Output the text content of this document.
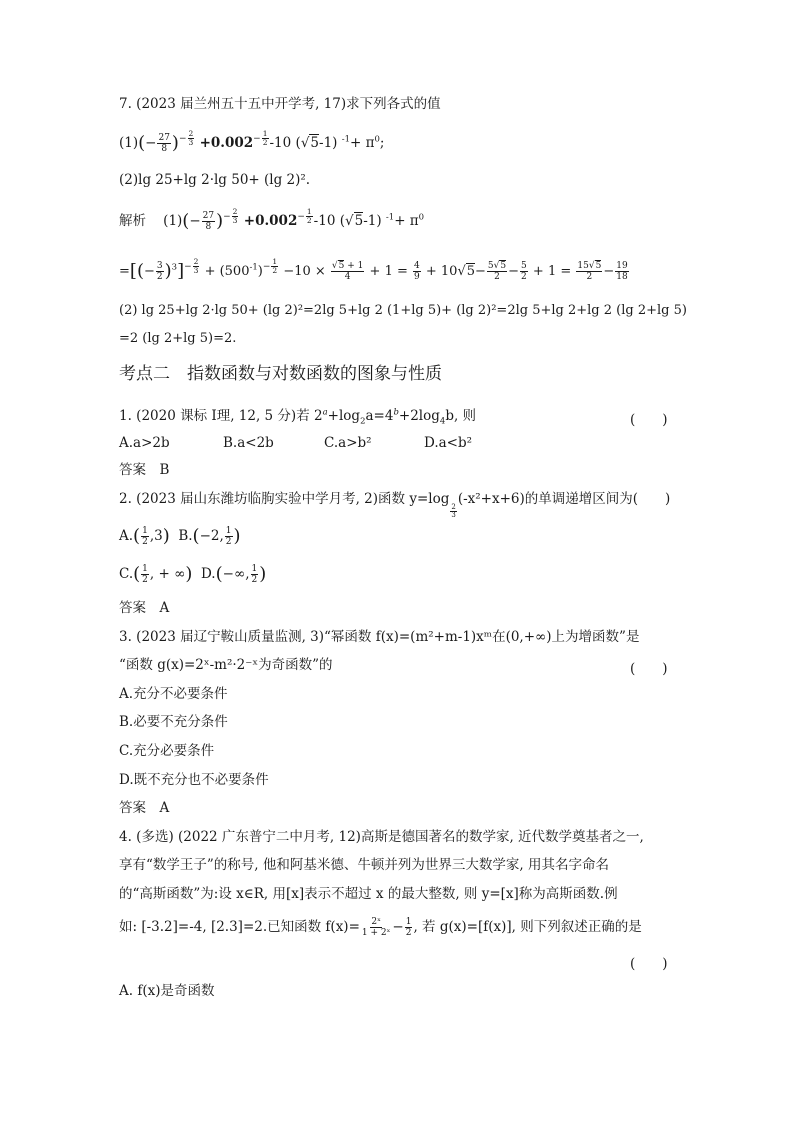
7. (2023 届兰州五十五中开学考, 17)求下列各式的值
$(1)(- \frac{27}{8}$ )− $\frac{2}{3} +0.002- \frac{1}{2} -10$ (√5-1) $^{-1}+ \pi^0$;
(2)lg 25+lg 2·lg 50+ (lg 2)².
解析 $(1)(- \frac{27}{8}$ )− $\frac{2}{3} +0.002- \frac{1}{2} -10$ (√5-1) $^{-1}+ \pi^0$
=[(− $\frac{3}{2} )^3]- \frac{2}{3} + (500^{-1})- \frac{1}{2} -10 \times \frac{√5 + 1}{4} + 1 = \frac{4}{9} + 10√5- \frac{5√5}{2} - \frac{5}{2} + 1 = \frac{15√5}{2} - \frac{19}{18}$
(2) lg 25+lg 2·lg 50+ (lg 2)²=2lg 5+lg 2 (1+lg 5)+ (lg 2)²=2lg 5+lg 2+lg 2 (lg 2+lg 5)
=2 (lg 2+lg 5)=2.
考点二　指数函数与对数函数的图象与性质
1. (2020 课标 Ⅰ理, 12, 5 分)若 $2^a+\log_2a=4^b+2\log_4b$, 则	(　　)
A.a>2b	B.a<2b	C.a>b²	D.a<b²
答案　B
2. (2023 届山东潍坊临朐实验中学月考, 2)函数 y=log
$\frac{2}{3}$
(-x²+x+6)的单调递增区间为(　　)
$A.( \frac{1}{2} ,3)$ B.(−2, $\frac{1}{2}$ )
$C.( \frac{1}{2}$ , + ∞) D.(−∞, $\frac{1}{2}$ )
答案　A
3. (2023 届辽宁鞍山质量监测, 3)“幂函数 f(x)=(m²+m-1)xᵐ在(0,+∞)上为增函数”是
“函数 g(x)=2ˣ-m²·2⁻ˣ为奇函数”的	(　　)
A.充分不必要条件
B.必要不充分条件
C.充分必要条件
D.既不充分也不必要条件
答案　A
4. (多选) (2022 广东普宁二中月考, 12)高斯是德国著名的数学家, 近代数学奠基者之一,
享有“数学王子”的称号, 他和阿基米德、牛顿并列为世界三大数学家, 用其名字命名
的“高斯函数”为:设 x∈R, 用[x]表示不超过 x 的最大整数, 则 y=[x]称为高斯函数.例
如: [-3.2]=-4, [2.3]=2.已知函数 $f(x)= \frac{\text{2ˣ}}{\text{1 + 2ˣ}} - \frac{1}{2}$ , 若 g(x)=[f(x)], 则下列叙述正确的是
(　　)
A. f(x)是奇函数
